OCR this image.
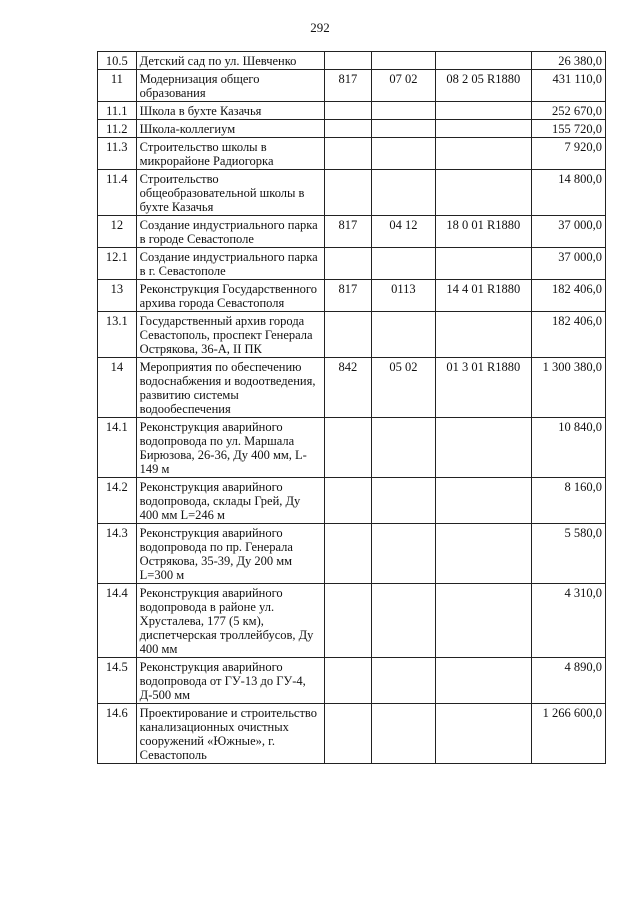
292
10.5	Детский сад по ул. Шевченко				26 380,0
11	Модернизация общего образования	817	07 02	08 2 05 R1880	431 110,0
11.1	Школа в бухте Казачья				252 670,0
11.2	Школа-коллегиум				155 720,0
11.3	Строительство школы в микрорайоне Радиогорка				7 920,0
11.4	Строительство общеобразовательной школы в бухте Казачья				14 800,0
12	Создание индустриального парка в городе Севастополе	817	04 12	18 0 01 R1880	37 000,0
12.1	Создание индустриального парка в г. Севастополе				37 000,0
13	Реконструкция Государственного архива города Севастополя	817	0113	14 4 01 R1880	182 406,0
13.1	Государственный архив города Севастополь, проспект Генерала Острякова, 36-А, II ПК				182 406,0
14	Мероприятия по обеспечению водоснабжения и водоотведения, развитию системы водообеспечения	842	05 02	01 3 01 R1880	1 300 380,0
14.1	Реконструкция аварийного водопровода по ул. Маршала Бирюзова, 26-36, Ду 400 мм, L-149 м				10 840,0
14.2	Реконструкция аварийного водопровода, склады Грей, Ду 400 мм L=246 м				8 160,0
14.3	Реконструкция аварийного водопровода по пр. Генерала Острякова, 35-39, Ду 200 мм L=300 м				5 580,0
14.4	Реконструкция аварийного водопровода в районе ул. Хрусталева, 177 (5 км), диспетчерская троллейбусов, Ду 400 мм				4 310,0
14.5	Реконструкция аварийного водопровода от ГУ-13 до ГУ-4, Д-500 мм				4 890,0
14.6	Проектирование и строительство канализационных очистных сооружений «Южные», г. Севастополь				1 266 600,0
